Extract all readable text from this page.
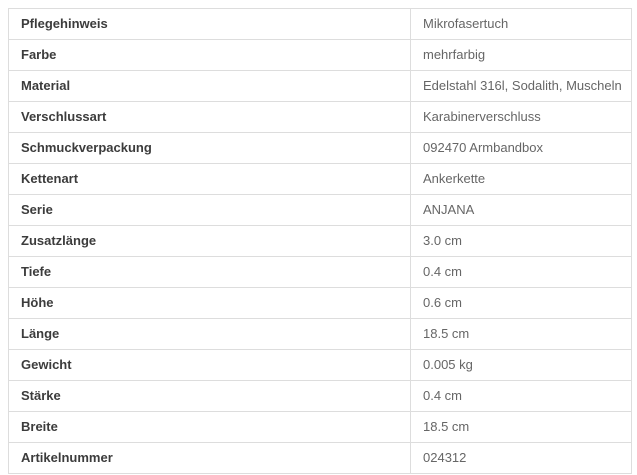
Pflegehinweis	Mikrofasertuch
Farbe	mehrfarbig
Material	Edelstahl 316l, Sodalith, Muscheln
Verschlussart	Karabinerverschluss
Schmuckverpackung	092470 Armbandbox
Kettenart	Ankerkette
Serie	ANJANA
Zusatzlänge	3.0 cm
Tiefe	0.4 cm
Höhe	0.6 cm
Länge	18.5 cm
Gewicht	0.005 kg
Stärke	0.4 cm
Breite	18.5 cm
Artikelnummer	024312
